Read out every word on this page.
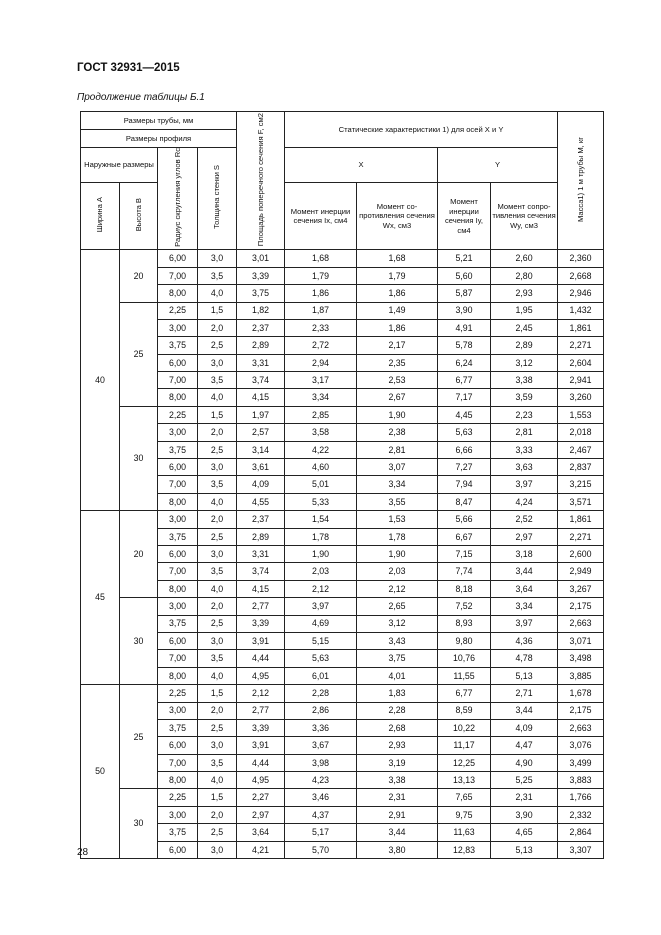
ГОСТ 32931—2015
Продолжение таблицы Б.1
Размеры трубы, мм				Площадь поперечного сечения F, см2	Статические характеристики 1) для осей X и Y				Масса1) 1 м трубы M, кг
Размеры профиля									
Наружные размеры		Радиус скругления углов Rc	Толщина стенки S		X		Y		
Ширина A	Высота B				Момент инерции сечения Ix, см4	Момент со-противления сечения Wx, см3	Момент инерции сечения Iy, см4	Момент сопро-тивления сечения Wy, см3	
40	20	6,00	3,0	3,01	1,68	1,68	5,21	2,60	2,360
		7,00	3,5	3,39	1,79	1,79	5,60	2,80	2,668
		8,00	4,0	3,75	1,86	1,86	5,87	2,93	2,946
	25	2,25	1,5	1,82	1,87	1,49	3,90	1,95	1,432
		3,00	2,0	2,37	2,33	1,86	4,91	2,45	1,861
		3,75	2,5	2,89	2,72	2,17	5,78	2,89	2,271
		6,00	3,0	3,31	2,94	2,35	6,24	3,12	2,604
		7,00	3,5	3,74	3,17	2,53	6,77	3,38	2,941
		8,00	4,0	4,15	3,34	2,67	7,17	3,59	3,260
	30	2,25	1,5	1,97	2,85	1,90	4,45	2,23	1,553
		3,00	2,0	2,57	3,58	2,38	5,63	2,81	2,018
		3,75	2,5	3,14	4,22	2,81	6,66	3,33	2,467
		6,00	3,0	3,61	4,60	3,07	7,27	3,63	2,837
		7,00	3,5	4,09	5,01	3,34	7,94	3,97	3,215
		8,00	4,0	4,55	5,33	3,55	8,47	4,24	3,571
45	20	3,00	2,0	2,37	1,54	1,53	5,66	2,52	1,861
		3,75	2,5	2,89	1,78	1,78	6,67	2,97	2,271
		6,00	3,0	3,31	1,90	1,90	7,15	3,18	2,600
		7,00	3,5	3,74	2,03	2,03	7,74	3,44	2,949
		8,00	4,0	4,15	2,12	2,12	8,18	3,64	3,267
	30	3,00	2,0	2,77	3,97	2,65	7,52	3,34	2,175
		3,75	2,5	3,39	4,69	3,12	8,93	3,97	2,663
		6,00	3,0	3,91	5,15	3,43	9,80	4,36	3,071
		7,00	3,5	4,44	5,63	3,75	10,76	4,78	3,498
		8,00	4,0	4,95	6,01	4,01	11,55	5,13	3,885
50	25	2,25	1,5	2,12	2,28	1,83	6,77	2,71	1,678
		3,00	2,0	2,77	2,86	2,28	8,59	3,44	2,175
		3,75	2,5	3,39	3,36	2,68	10,22	4,09	2,663
		6,00	3,0	3,91	3,67	2,93	11,17	4,47	3,076
		7,00	3,5	4,44	3,98	3,19	12,25	4,90	3,499
		8,00	4,0	4,95	4,23	3,38	13,13	5,25	3,883
	30	2,25	1,5	2,27	3,46	2,31	7,65	2,31	1,766
		3,00	2,0	2,97	4,37	2,91	9,75	3,90	2,332
		3,75	2,5	3,64	5,17	3,44	11,63	4,65	2,864
		6,00	3,0	4,21	5,70	3,80	12,83	5,13	3,307
28
